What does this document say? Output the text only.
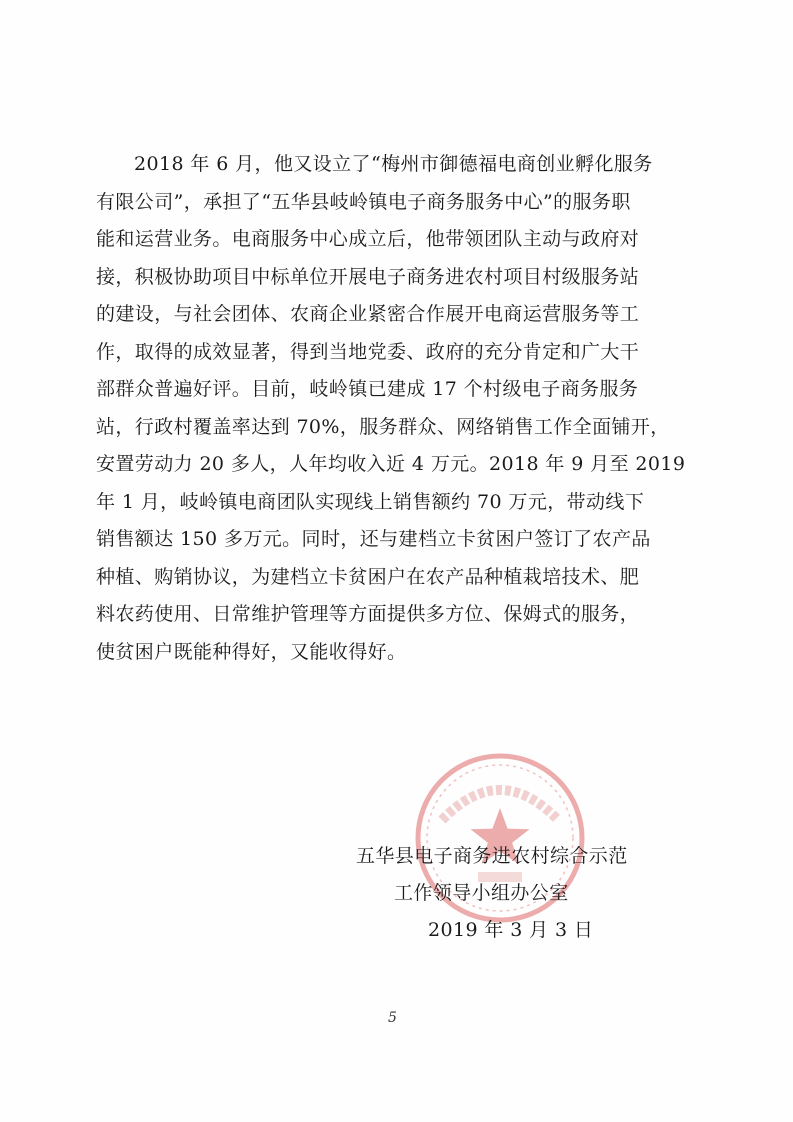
2018 年 6 月，他又设立了“梅州市御德福电商创业孵化服务
有限公司”，承担了“五华县岐岭镇电子商务服务中心”的服务职
能和运营业务。电商服务中心成立后，他带领团队主动与政府对
接，积极协助项目中标单位开展电子商务进农村项目村级服务站
的建设，与社会团体、农商企业紧密合作展开电商运营服务等工
作，取得的成效显著，得到当地党委、政府的充分肯定和广大干
部群众普遍好评。目前，岐岭镇已建成 17 个村级电子商务服务
站，行政村覆盖率达到 70%，服务群众、网络销售工作全面铺开，
安置劳动力 20 多人，人年均收入近 4 万元。2018 年 9 月至 2019
年 1 月，岐岭镇电商团队实现线上销售额约 70 万元，带动线下
销售额达 150 多万元。同时，还与建档立卡贫困户签订了农产品
种植、购销协议，为建档立卡贫困户在农产品种植栽培技术、肥
料农药使用、日常维护管理等方面提供多方位、保姆式的服务，
使贫困户既能种得好，又能收得好。
五华县电子商务进农村综合示范
工作领导小组办公室
2019 年 3 月 3 日
5
